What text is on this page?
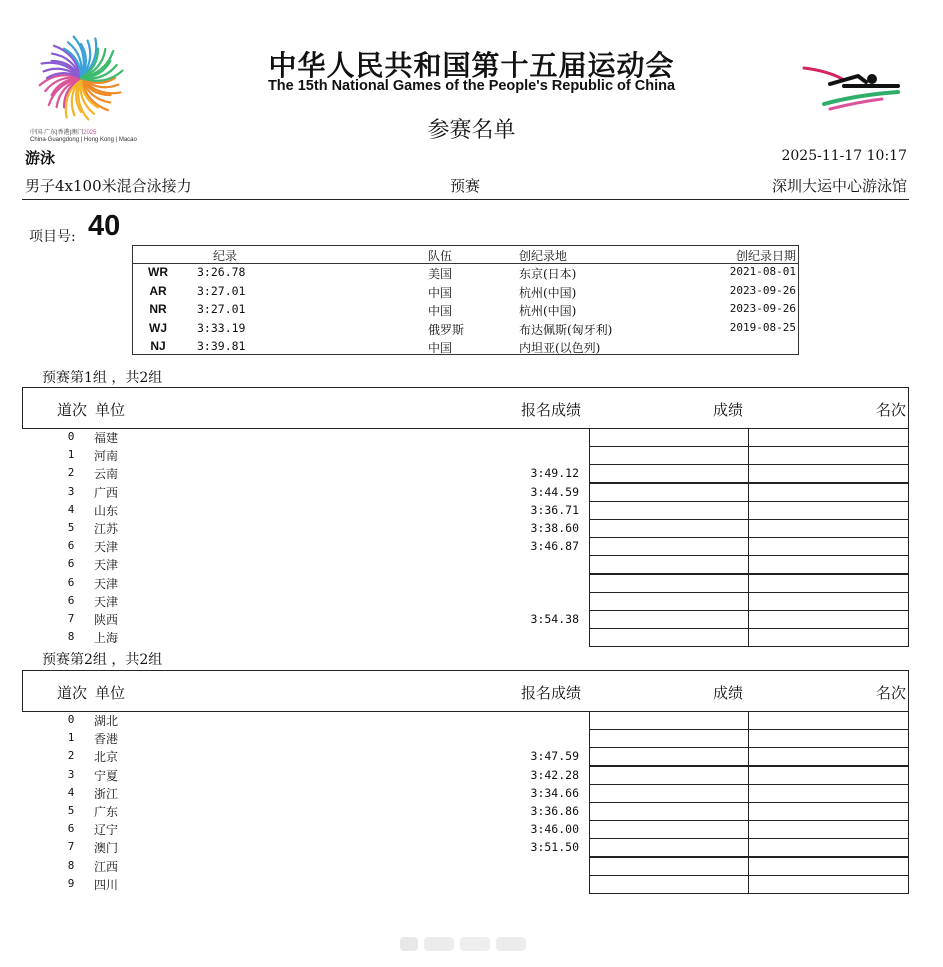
中国·广东|香港|澳门2025
China·Guangdong | Hong Kong | Macao
中华人民共和国第十五届运动会
The 15th National Games of the People's Republic of China
参赛名单
游泳	2025-11-17 10:17
男子4x100米混合泳接力	预赛	深圳大运中心游泳馆
项目号: 40
纪录	队伍	创纪录地	创纪录日期
WR	3:26.78	美国	东京(日本)	2021-08-01
AR	3:27.01	中国	杭州(中国)	2023-09-26
NR	3:27.01	中国	杭州(中国)	2023-09-26
WJ	3:33.19	俄罗斯	布达佩斯(匈牙利)	2019-08-25
NJ	3:39.81	中国	内坦亚(以色列)
预赛第1组 ，共2组
道次 单位	报名成绩	成绩	名次
0	福建
1	河南
2	云南	3:49.12
3	广西	3:44.59
4	山东	3:36.71
5	江苏	3:38.60
6	天津	3:46.87
6	天津
6	天津
6	天津
7	陕西	3:54.38
8	上海
预赛第2组 ，共2组
道次 单位	报名成绩	成绩	名次
0	湖北
1	香港
2	北京	3:47.59
3	宁夏	3:42.28
4	浙江	3:34.66
5	广东	3:36.86
6	辽宁	3:46.00
7	澳门	3:51.50
8	江西
9	四川
